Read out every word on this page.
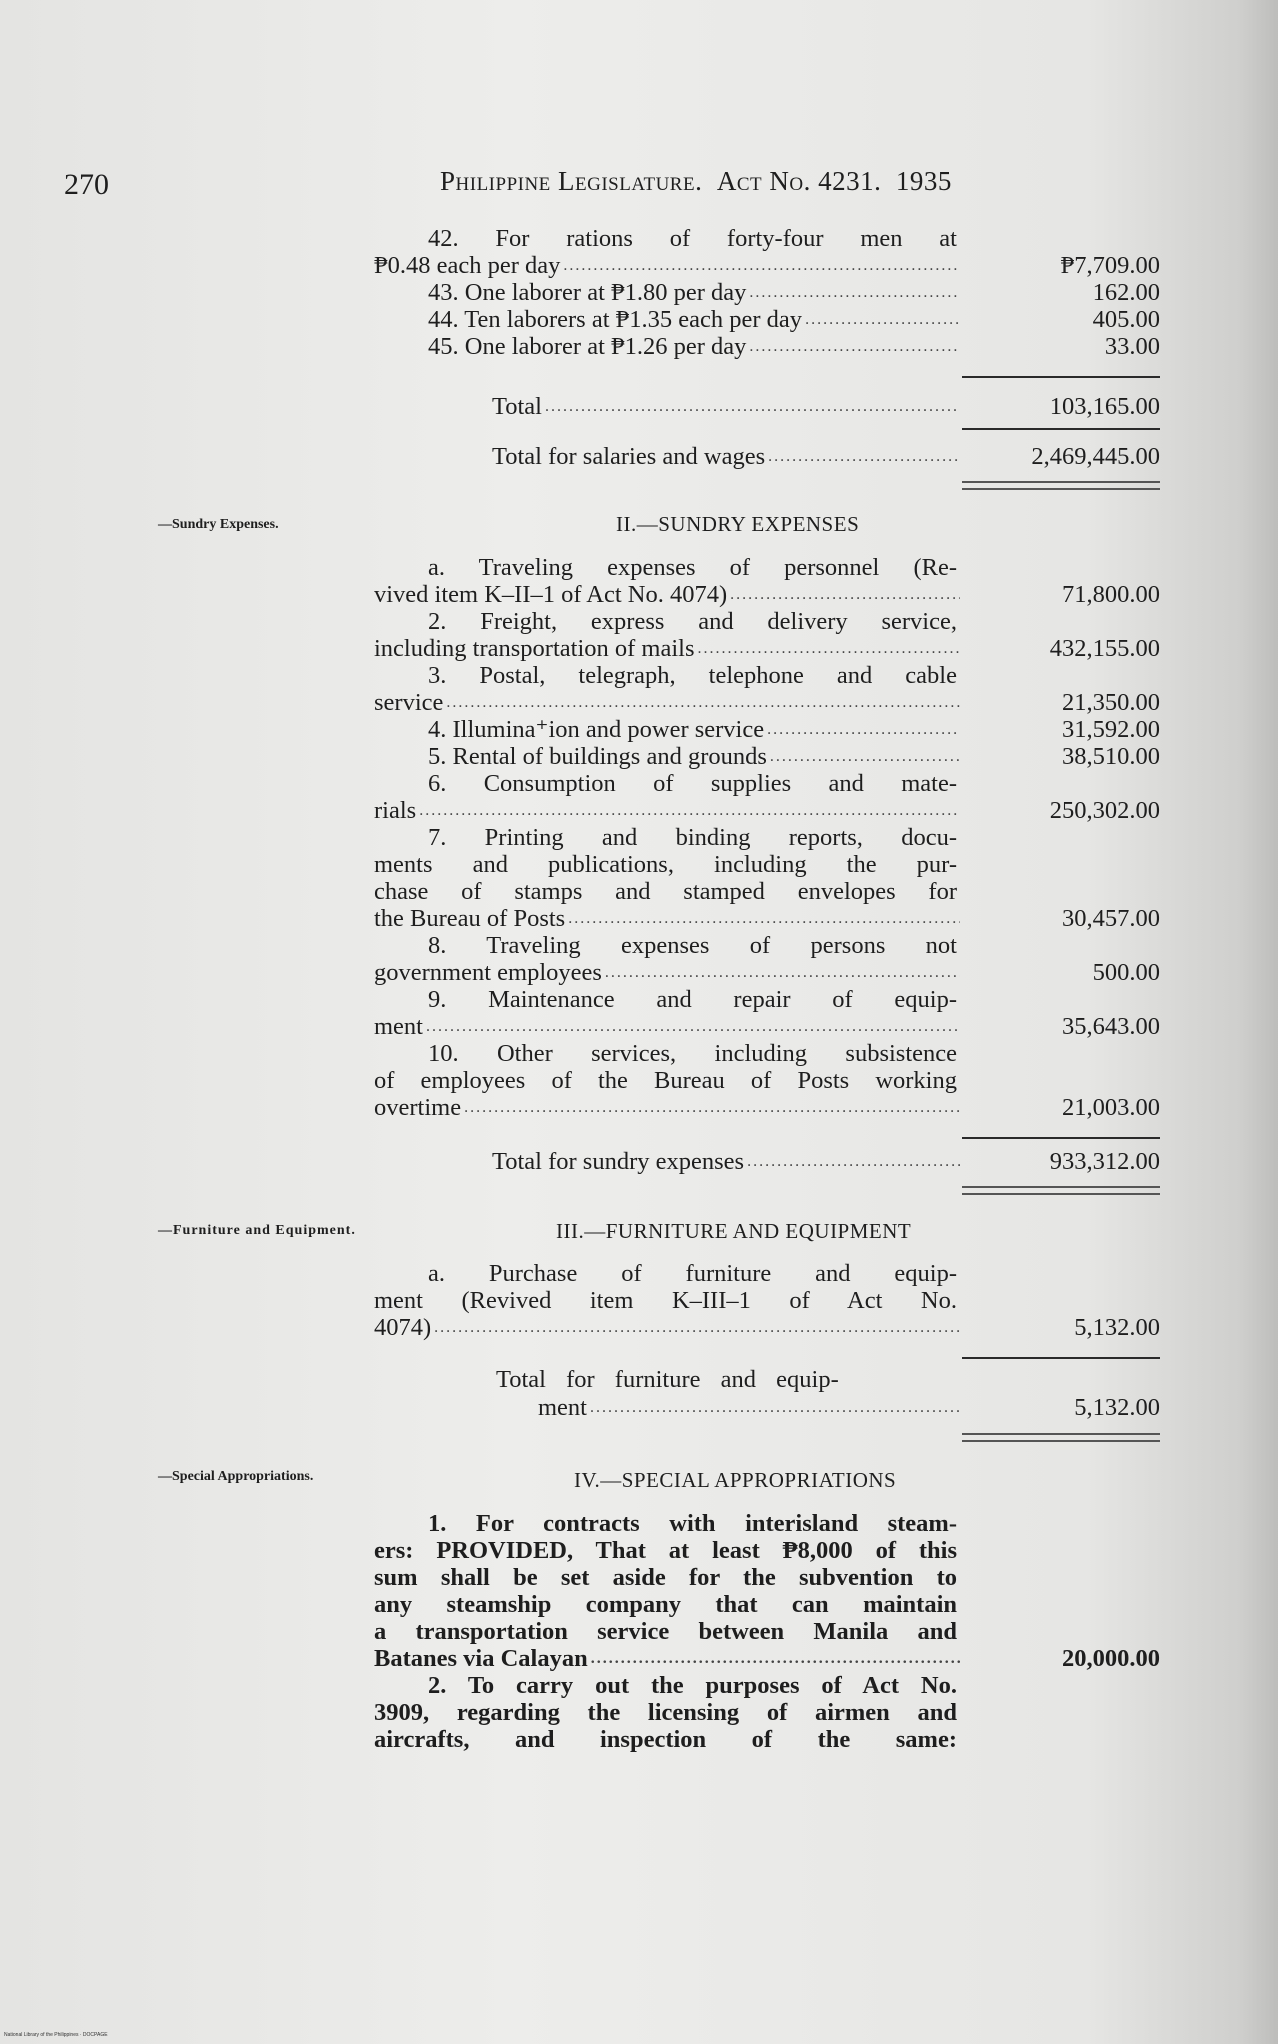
270	Philippine Legislature. Act No. 4231. 1935
42. For rations of forty-four men at
₱0.48 each per day .....	₱7,709.00
43. One laborer at ₱1.80 per day .....	162.00
44. Ten laborers at ₱1.35 each per day .....	405.00
45. One laborer at ₱1.26 per day .....	33.00
Total .....	103,165.00
Total for salaries and wages .....	2,469,445.00
—Sundry Expenses.	II.—SUNDRY EXPENSES
a. Traveling expenses of personnel (Re-
vived item K–II–1 of Act No. 4074) .....	71,800.00
2. Freight, express and delivery service,
including transportation of mails .....	432,155.00
3. Postal, telegraph, telephone and cable
service .....	21,350.00
4. Illumina⁺ion and power service .....	31,592.00
5. Rental of buildings and grounds .....	38,510.00
6. Consumption of supplies and mate-
rials .....	250,302.00
7. Printing and binding reports, docu-
ments and publications, including the pur-
chase of stamps and stamped envelopes for
the Bureau of Posts .....	30,457.00
8. Traveling expenses of persons not
government employees .....	500.00
9. Maintenance and repair of equip-
ment .....	35,643.00
10. Other services, including subsistence
of employees of the Bureau of Posts working
overtime .....	21,003.00
Total for sundry expenses .....	933,312.00
—Furniture and Equipment.	III.—FURNITURE AND EQUIPMENT
a. Purchase of furniture and equip-
ment (Revived item K–III–1 of Act No.
4074) .....	5,132.00
Total for furniture and equip-
ment .....	5,132.00
—Special Appropriations.	IV.—SPECIAL APPROPRIATIONS
1. For contracts with interisland steam-
ers: PROVIDED, That at least ₱8,000 of this
sum shall be set aside for the subvention to
any steamship company that can maintain
a transportation service between Manila and
Batanes via Calayan .....	20,000.00
2. To carry out the purposes of Act No.
3909, regarding the licensing of airmen and
aircrafts, and inspection of the same:
National Library of the Philippines · DOCPAGE
